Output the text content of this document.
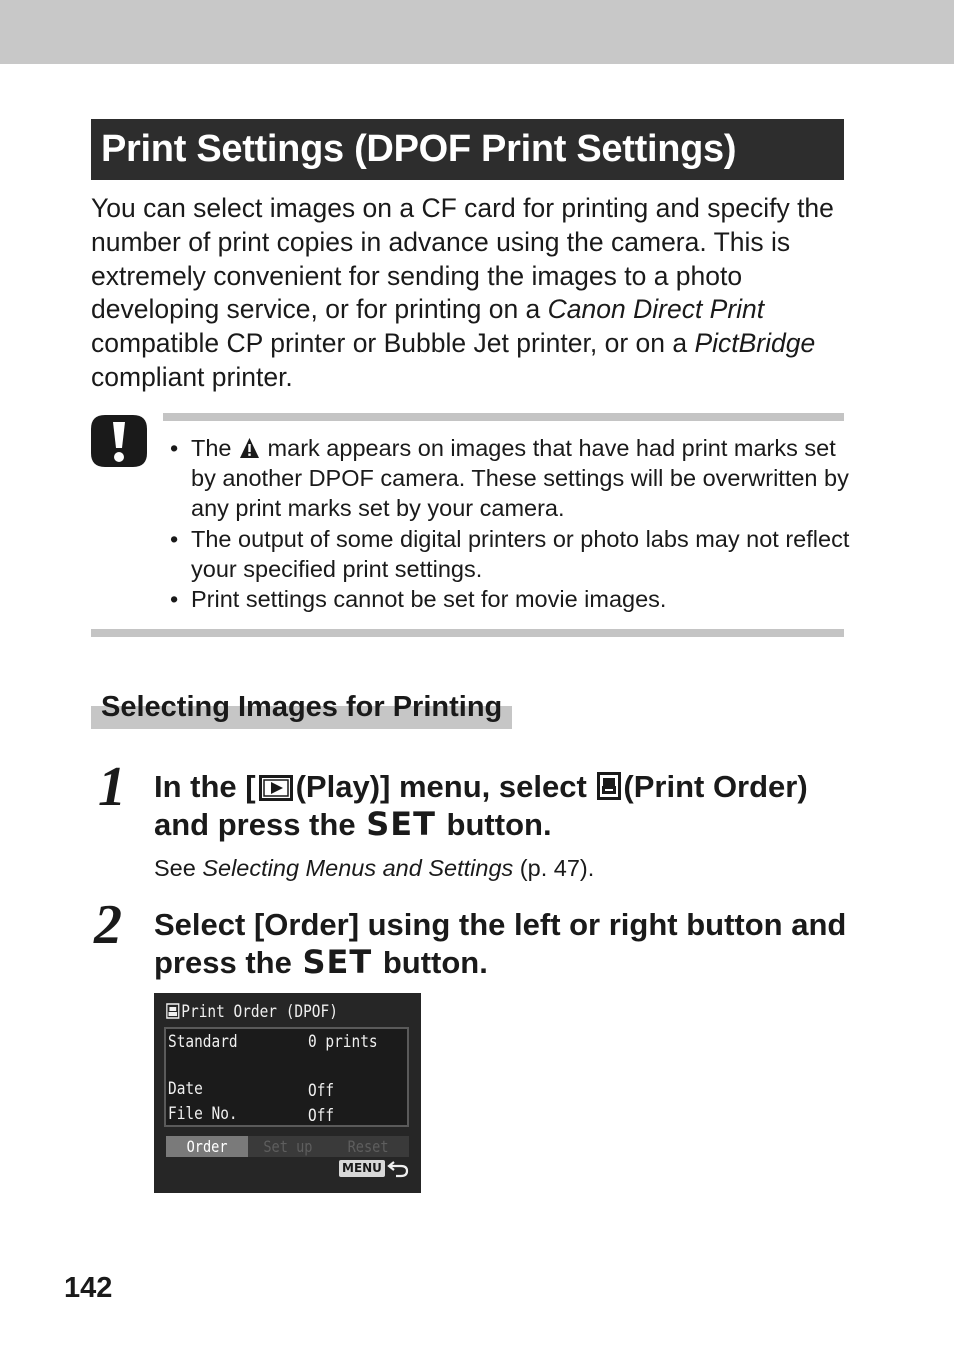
Print Settings (DPOF Print Settings)

You can select images on a CF card for printing and specify the number of print copies in advance using the camera. This is extremely convenient for sending the images to a photo developing service, or for printing on a Canon Direct Print compatible CP printer or Bubble Jet printer, or on a PictBridge compliant printer.

• The  mark appears on images that have had print marks set by another DPOF camera. These settings will be overwritten by any print marks set by your camera.
• The output of some digital printers or photo labs may not reflect your specified print settings.
• Print settings cannot be set for movie images.
Selecting Images for Printing
1 In the [ (Play)] menu, select (Print Order) and press the SET button.

See Selecting Menus and Settings (p. 47).

2 Select [Order] using the left or right button and press the SET button.

Print Order (DPOF)
Standard	0 prints
Date	Off
File No.	Off
Order	Set up	Reset
MENU
142
